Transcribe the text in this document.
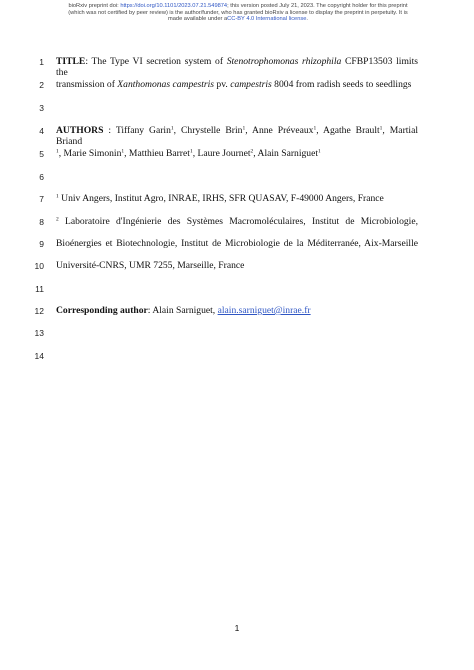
bioRxiv preprint doi: https://doi.org/10.1101/2023.07.21.549874; this version posted July 21, 2023. The copyright holder for this preprint
(which was not certified by peer review) is the author/funder, who has granted bioRxiv a license to display the preprint in perpetuity. It is
made available under aCC-BY 4.0 International license.
1
2
3
4
5
6
7
8
9
10
11
12
13
14
TITLE: The Type VI secretion system of Stenotrophomonas rhizophila CFBP13503 limits the
transmission of Xanthomonas campestris pv. campestris 8004 from radish seeds to seedlings
AUTHORS : Tiffany Garin$^1$, Chrystelle Brin$^1$, Anne Préveaux$^1$, Agathe Brault$^1$, Martial Briand
$^1$, Marie Simonin$^1$, Matthieu Barret$^1$, Laure Journet$^2$, Alain Sarniguet$^1$
$^1$ Univ Angers, Institut Agro, INRAE, IRHS, SFR QUASAV, F-49000 Angers, France
$^2$ Laboratoire d'Ingénierie des Systèmes Macromoléculaires, Institut de Microbiologie,
Bioénergies et Biotechnologie, Institut de Microbiologie de la Méditerranée, Aix-Marseille
Université-CNRS, UMR 7255, Marseille, France
Corresponding author: Alain Sarniguet, alain.sarniguet@inrae.fr
1
